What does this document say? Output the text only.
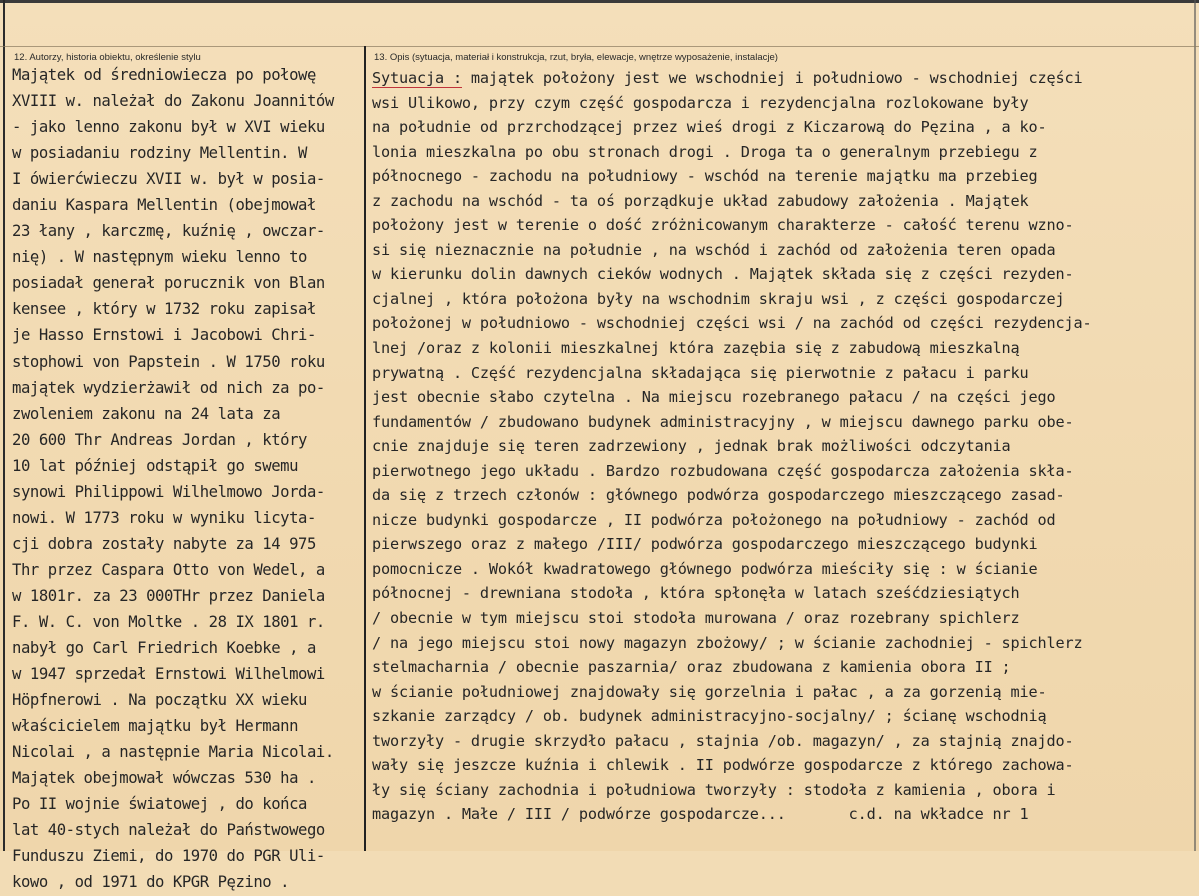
12. Autorzy, historia obiektu, określenie stylu	13. Opis (sytuacja, materiał i konstrukcja, rzut, bryła, elewacje, wnętrze wyposażenie, instalacje)
Majątek od średniowiecza po połowę
XVIII w. należał do Zakonu Joannitów
- jako lenno zakonu był w XVI wieku
w posiadaniu rodziny Mellentin. W
I ówierćwieczu XVII w. był w posia-
daniu Kaspara Mellentin (obejmował
23 łany , karczmę, kuźnię , owczar-
nię) . W następnym wieku lenno to
posiadał generał porucznik von Blan
kensee , który w 1732 roku zapisał
je Hasso Ernstowi i Jacobowi Chri-
stophowi von Papstein . W 1750 roku
majątek wydzierżawił od nich za po-
zwoleniem zakonu na 24 lata za
20 600 Thr Andreas Jordan , który
10 lat później odstąpił go swemu
synowi Philippowi Wilhelmowo Jorda-
nowi. W 1773 roku w wyniku licyta-
cji dobra zostały nabyte za 14 975
Thr przez Caspara Otto von Wedel, a
w 1801r. za 23 000THr przez Daniela
F. W. C. von Moltke . 28 IX 1801 r.
nabył go Carl Friedrich Koebke , a
w 1947 sprzedał Ernstowi Wilhelmowi
Höpfnerowi . Na początku XX wieku
właścicielem majątku był Hermann
Nicolai , a następnie Maria Nicolai.
Majątek obejmował wówczas 530 ha .
Po II wojnie światowej , do końca
lat 40-stych należał do Państwowego
Funduszu Ziemi, do 1970 do PGR Uli-
kowo , od 1971 do KPGR Pęzino .
Sytuacja : majątek położony jest we wschodniej i południowo - wschodniej części
wsi Ulikowo, przy czym część gospodarcza i rezydencjalna rozlokowane były
na południe od przrchodzącej przez wieś drogi z Kiczarową do Pęzina , a ko-
lonia mieszkalna po obu stronach drogi . Droga ta o generalnym przebiegu z
północnego - zachodu na południowy - wschód na terenie majątku ma przebieg
z zachodu na wschód - ta oś porządkuje układ zabudowy założenia . Majątek
położony jest w terenie o dość zróżnicowanym charakterze - całość terenu wzno-
si się nieznacznie na południe , na wschód i zachód od założenia teren opada
w kierunku dolin dawnych cieków wodnych . Majątek składa się z części rezyden-
cjalnej , która położona były na wschodnim skraju wsi , z części gospodarczej
położonej w południowo - wschodniej części wsi / na zachód od części rezydencja-
lnej /oraz z kolonii mieszkalnej która zazębia się z zabudową mieszkalną
prywatną . Część rezydencjalna składająca się pierwotnie z pałacu i parku
jest obecnie słabo czytelna . Na miejscu rozebranego pałacu / na części jego
fundamentów / zbudowano budynek administracyjny , w miejscu dawnego parku obe-
cnie znajduje się teren zadrzewiony , jednak brak możliwości odczytania
pierwotnego jego układu . Bardzo rozbudowana część gospodarcza założenia skła-
da się z trzech członów : głównego podwórza gospodarczego mieszczącego zasad-
nicze budynki gospodarcze , II podwórza położonego na południowy - zachód od
pierwszego oraz z małego /III/ podwórza gospodarczego mieszczącego budynki
pomocnicze . Wokół kwadratowego głównego podwórza mieściły się : w ścianie
północnej - drewniana stodoła , która spłonęła w latach sześćdziesiątych
/ obecnie w tym miejscu stoi stodoła murowana / oraz rozebrany spichlerz
/ na jego miejscu stoi nowy magazyn zbożowy/ ; w ścianie zachodniej - spichlerz
stelmacharnia / obecnie paszarnia/ oraz zbudowana z kamienia obora II ;
w ścianie południowej znajdowały się gorzelnia i pałac , a za gorzenią mie-
szkanie zarządcy / ob. budynek administracyjno-socjalny/ ; ścianę wschodnią
tworzyły - drugie skrzydło pałacu , stajnia /ob. magazyn/ , za stajnią znajdo-
wały się jeszcze kuźnia i chlewik . II podwórze gospodarcze z którego zachowa-
ły się ściany zachodnia i południowa tworzyły : stodoła z kamienia , obora i
magazyn . Małe / III / podwórze gospodarcze...       c.d. na wkładce nr 1
